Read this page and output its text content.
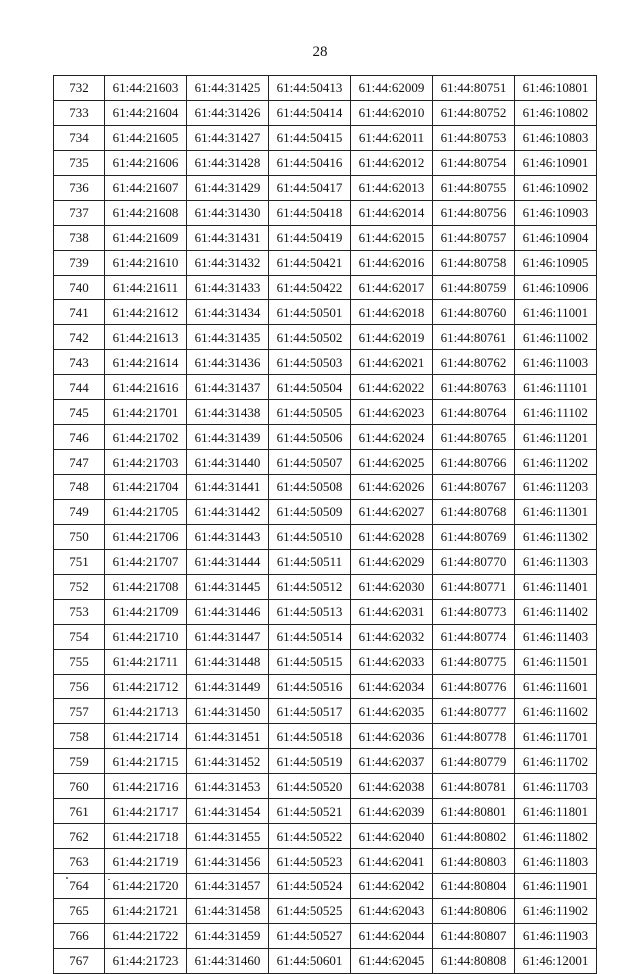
28
732	61:44:21603	61:44:31425	61:44:50413	61:44:62009	61:44:80751	61:46:10801
733	61:44:21604	61:44:31426	61:44:50414	61:44:62010	61:44:80752	61:46:10802
734	61:44:21605	61:44:31427	61:44:50415	61:44:62011	61:44:80753	61:46:10803
735	61:44:21606	61:44:31428	61:44:50416	61:44:62012	61:44:80754	61:46:10901
736	61:44:21607	61:44:31429	61:44:50417	61:44:62013	61:44:80755	61:46:10902
737	61:44:21608	61:44:31430	61:44:50418	61:44:62014	61:44:80756	61:46:10903
738	61:44:21609	61:44:31431	61:44:50419	61:44:62015	61:44:80757	61:46:10904
739	61:44:21610	61:44:31432	61:44:50421	61:44:62016	61:44:80758	61:46:10905
740	61:44:21611	61:44:31433	61:44:50422	61:44:62017	61:44:80759	61:46:10906
741	61:44:21612	61:44:31434	61:44:50501	61:44:62018	61:44:80760	61:46:11001
742	61:44:21613	61:44:31435	61:44:50502	61:44:62019	61:44:80761	61:46:11002
743	61:44:21614	61:44:31436	61:44:50503	61:44:62021	61:44:80762	61:46:11003
744	61:44:21616	61:44:31437	61:44:50504	61:44:62022	61:44:80763	61:46:11101
745	61:44:21701	61:44:31438	61:44:50505	61:44:62023	61:44:80764	61:46:11102
746	61:44:21702	61:44:31439	61:44:50506	61:44:62024	61:44:80765	61:46:11201
747	61:44:21703	61:44:31440	61:44:50507	61:44:62025	61:44:80766	61:46:11202
748	61:44:21704	61:44:31441	61:44:50508	61:44:62026	61:44:80767	61:46:11203
749	61:44:21705	61:44:31442	61:44:50509	61:44:62027	61:44:80768	61:46:11301
750	61:44:21706	61:44:31443	61:44:50510	61:44:62028	61:44:80769	61:46:11302
751	61:44:21707	61:44:31444	61:44:50511	61:44:62029	61:44:80770	61:46:11303
752	61:44:21708	61:44:31445	61:44:50512	61:44:62030	61:44:80771	61:46:11401
753	61:44:21709	61:44:31446	61:44:50513	61:44:62031	61:44:80773	61:46:11402
754	61:44:21710	61:44:31447	61:44:50514	61:44:62032	61:44:80774	61:46:11403
755	61:44:21711	61:44:31448	61:44:50515	61:44:62033	61:44:80775	61:46:11501
756	61:44:21712	61:44:31449	61:44:50516	61:44:62034	61:44:80776	61:46:11601
757	61:44:21713	61:44:31450	61:44:50517	61:44:62035	61:44:80777	61:46:11602
758	61:44:21714	61:44:31451	61:44:50518	61:44:62036	61:44:80778	61:46:11701
759	61:44:21715	61:44:31452	61:44:50519	61:44:62037	61:44:80779	61:46:11702
760	61:44:21716	61:44:31453	61:44:50520	61:44:62038	61:44:80781	61:46:11703
761	61:44:21717	61:44:31454	61:44:50521	61:44:62039	61:44:80801	61:46:11801
762	61:44:21718	61:44:31455	61:44:50522	61:44:62040	61:44:80802	61:46:11802
763	61:44:21719	61:44:31456	61:44:50523	61:44:62041	61:44:80803	61:46:11803
764	61:44:21720	61:44:31457	61:44:50524	61:44:62042	61:44:80804	61:46:11901
765	61:44:21721	61:44:31458	61:44:50525	61:44:62043	61:44:80806	61:46:11902
766	61:44:21722	61:44:31459	61:44:50527	61:44:62044	61:44:80807	61:46:11903
767	61:44:21723	61:44:31460	61:44:50601	61:44:62045	61:44:80808	61:46:12001
